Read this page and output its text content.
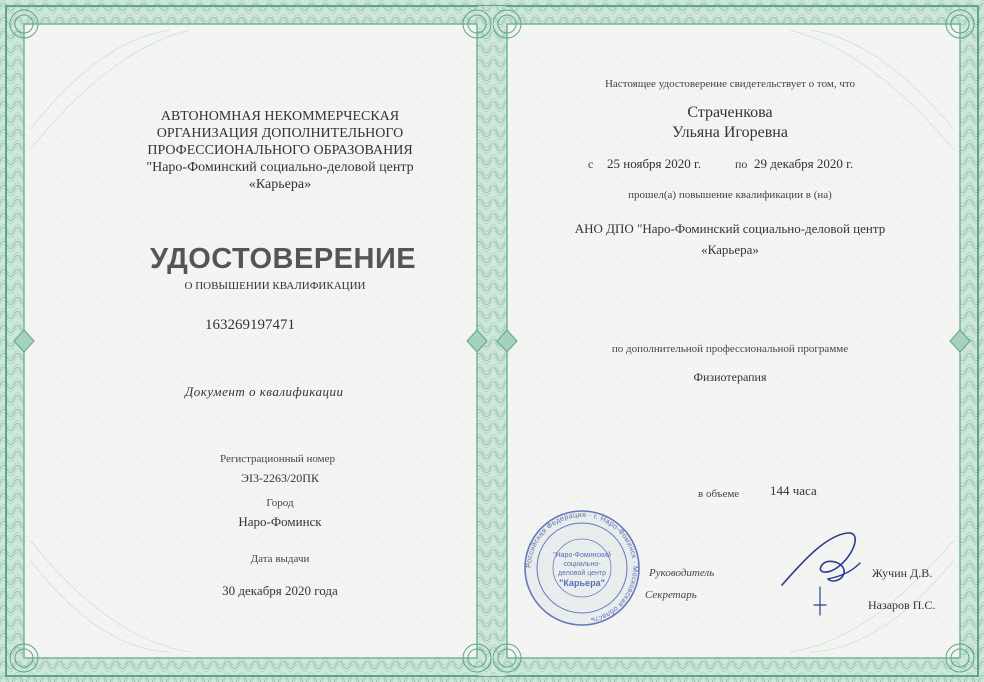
АВТОНОМНАЯ НЕКОММЕРЧЕСКАЯ
ОРГАНИЗАЦИЯ ДОПОЛНИТЕЛЬНОГО
ПРОФЕССИОНАЛЬНОГО ОБРАЗОВАНИЯ
"Наро-Фоминский социально-деловой центр
«Карьера»
УДОСТОВЕРЕНИЕ
О ПОВЫШЕНИИ КВАЛИФИКАЦИИ
163269197471
Документ о квалификации
Регистрационный номер
ЭI3-2263/20ПК
Город
Наро-Фоминск
Дата выдачи
30 декабря 2020 года
Настоящее удостоверение свидетельствует о том, что
Страченкова
Ульяна Игоревна
с 25 ноября 2020 г.	по 29 декабря 2020 г.
прошел(а) повышение квалификации в (на)
АНО ДПО "Наро-Фоминский социально-деловой центр
«Карьера»
по дополнительной профессиональной программе
Физиотерапия
в объеме 144 часа
Российская Федерация · г. Наро-Фоминск · Московская область
"Наро-Фоминский
социально-
деловой центр
"Карьера"
Руководитель
Секретарь
Жучин Д.В.
Назаров П.С.
